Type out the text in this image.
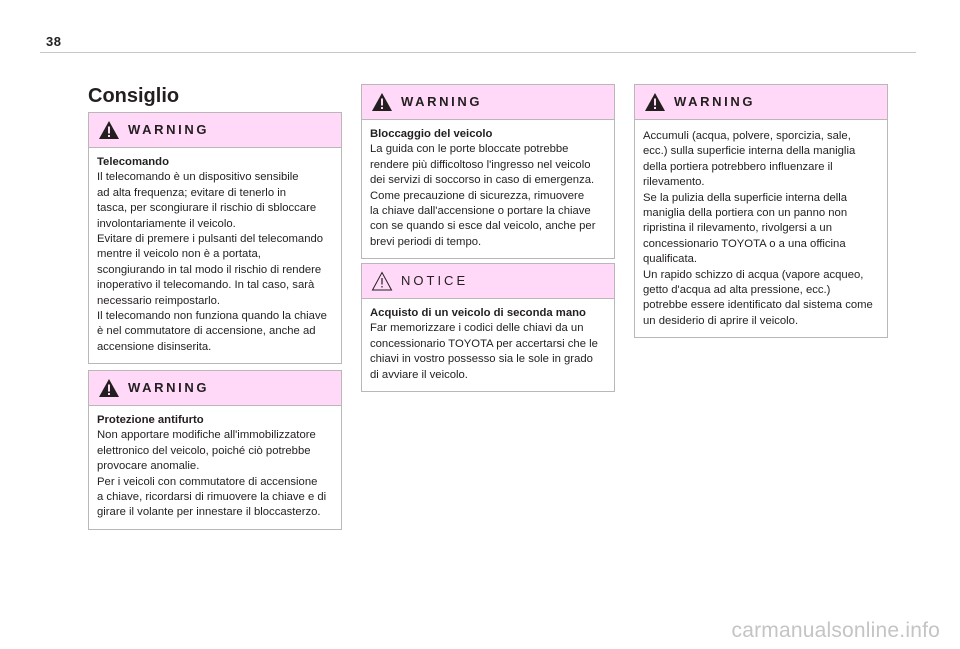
38
Consiglio
WARNING
Telecomando
Il telecomando è un dispositivo sensibile
ad alta frequenza; evitare di tenerlo in
tasca, per scongiurare il rischio di sbloccare
involontariamente il veicolo.
Evitare di premere i pulsanti del telecomando
mentre il veicolo non è a portata,
scongiurando in tal modo il rischio di rendere
inoperativo il telecomando. In tal caso, sarà
necessario reimpostarlo.
Il telecomando non funziona quando la chiave
è nel commutatore di accensione, anche ad
accensione disinserita.
WARNING
Protezione antifurto
Non apportare modifiche all'immobilizzatore
elettronico del veicolo, poiché ciò potrebbe
provocare anomalie.
Per i veicoli con commutatore di accensione
a chiave, ricordarsi di rimuovere la chiave e di
girare il volante per innestare il bloccasterzo.
WARNING
Bloccaggio del veicolo
La guida con le porte bloccate potrebbe
rendere più difficoltoso l'ingresso nel veicolo
dei servizi di soccorso in caso di emergenza.
Come precauzione di sicurezza, rimuovere
la chiave dall'accensione o portare la chiave
con se quando si esce dal veicolo, anche per
brevi periodi di tempo.
NOTICE
Acquisto di un veicolo di seconda mano
Far memorizzare i codici delle chiavi da un
concessionario TOYOTA per accertarsi che le
chiavi in vostro possesso sia le sole in grado
di avviare il veicolo.
WARNING
Accumuli (acqua, polvere, sporcizia, sale,
ecc.) sulla superficie interna della maniglia
della portiera potrebbero influenzare il
rilevamento.
Se la pulizia della superficie interna della
maniglia della portiera con un panno non
ripristina il rilevamento, rivolgersi a un
concessionario TOYOTA o a una officina
qualificata.
Un rapido schizzo di acqua (vapore acqueo,
getto d'acqua ad alta pressione, ecc.)
potrebbe essere identificato dal sistema come
un desiderio di aprire il veicolo.
carmanualsonline.info
